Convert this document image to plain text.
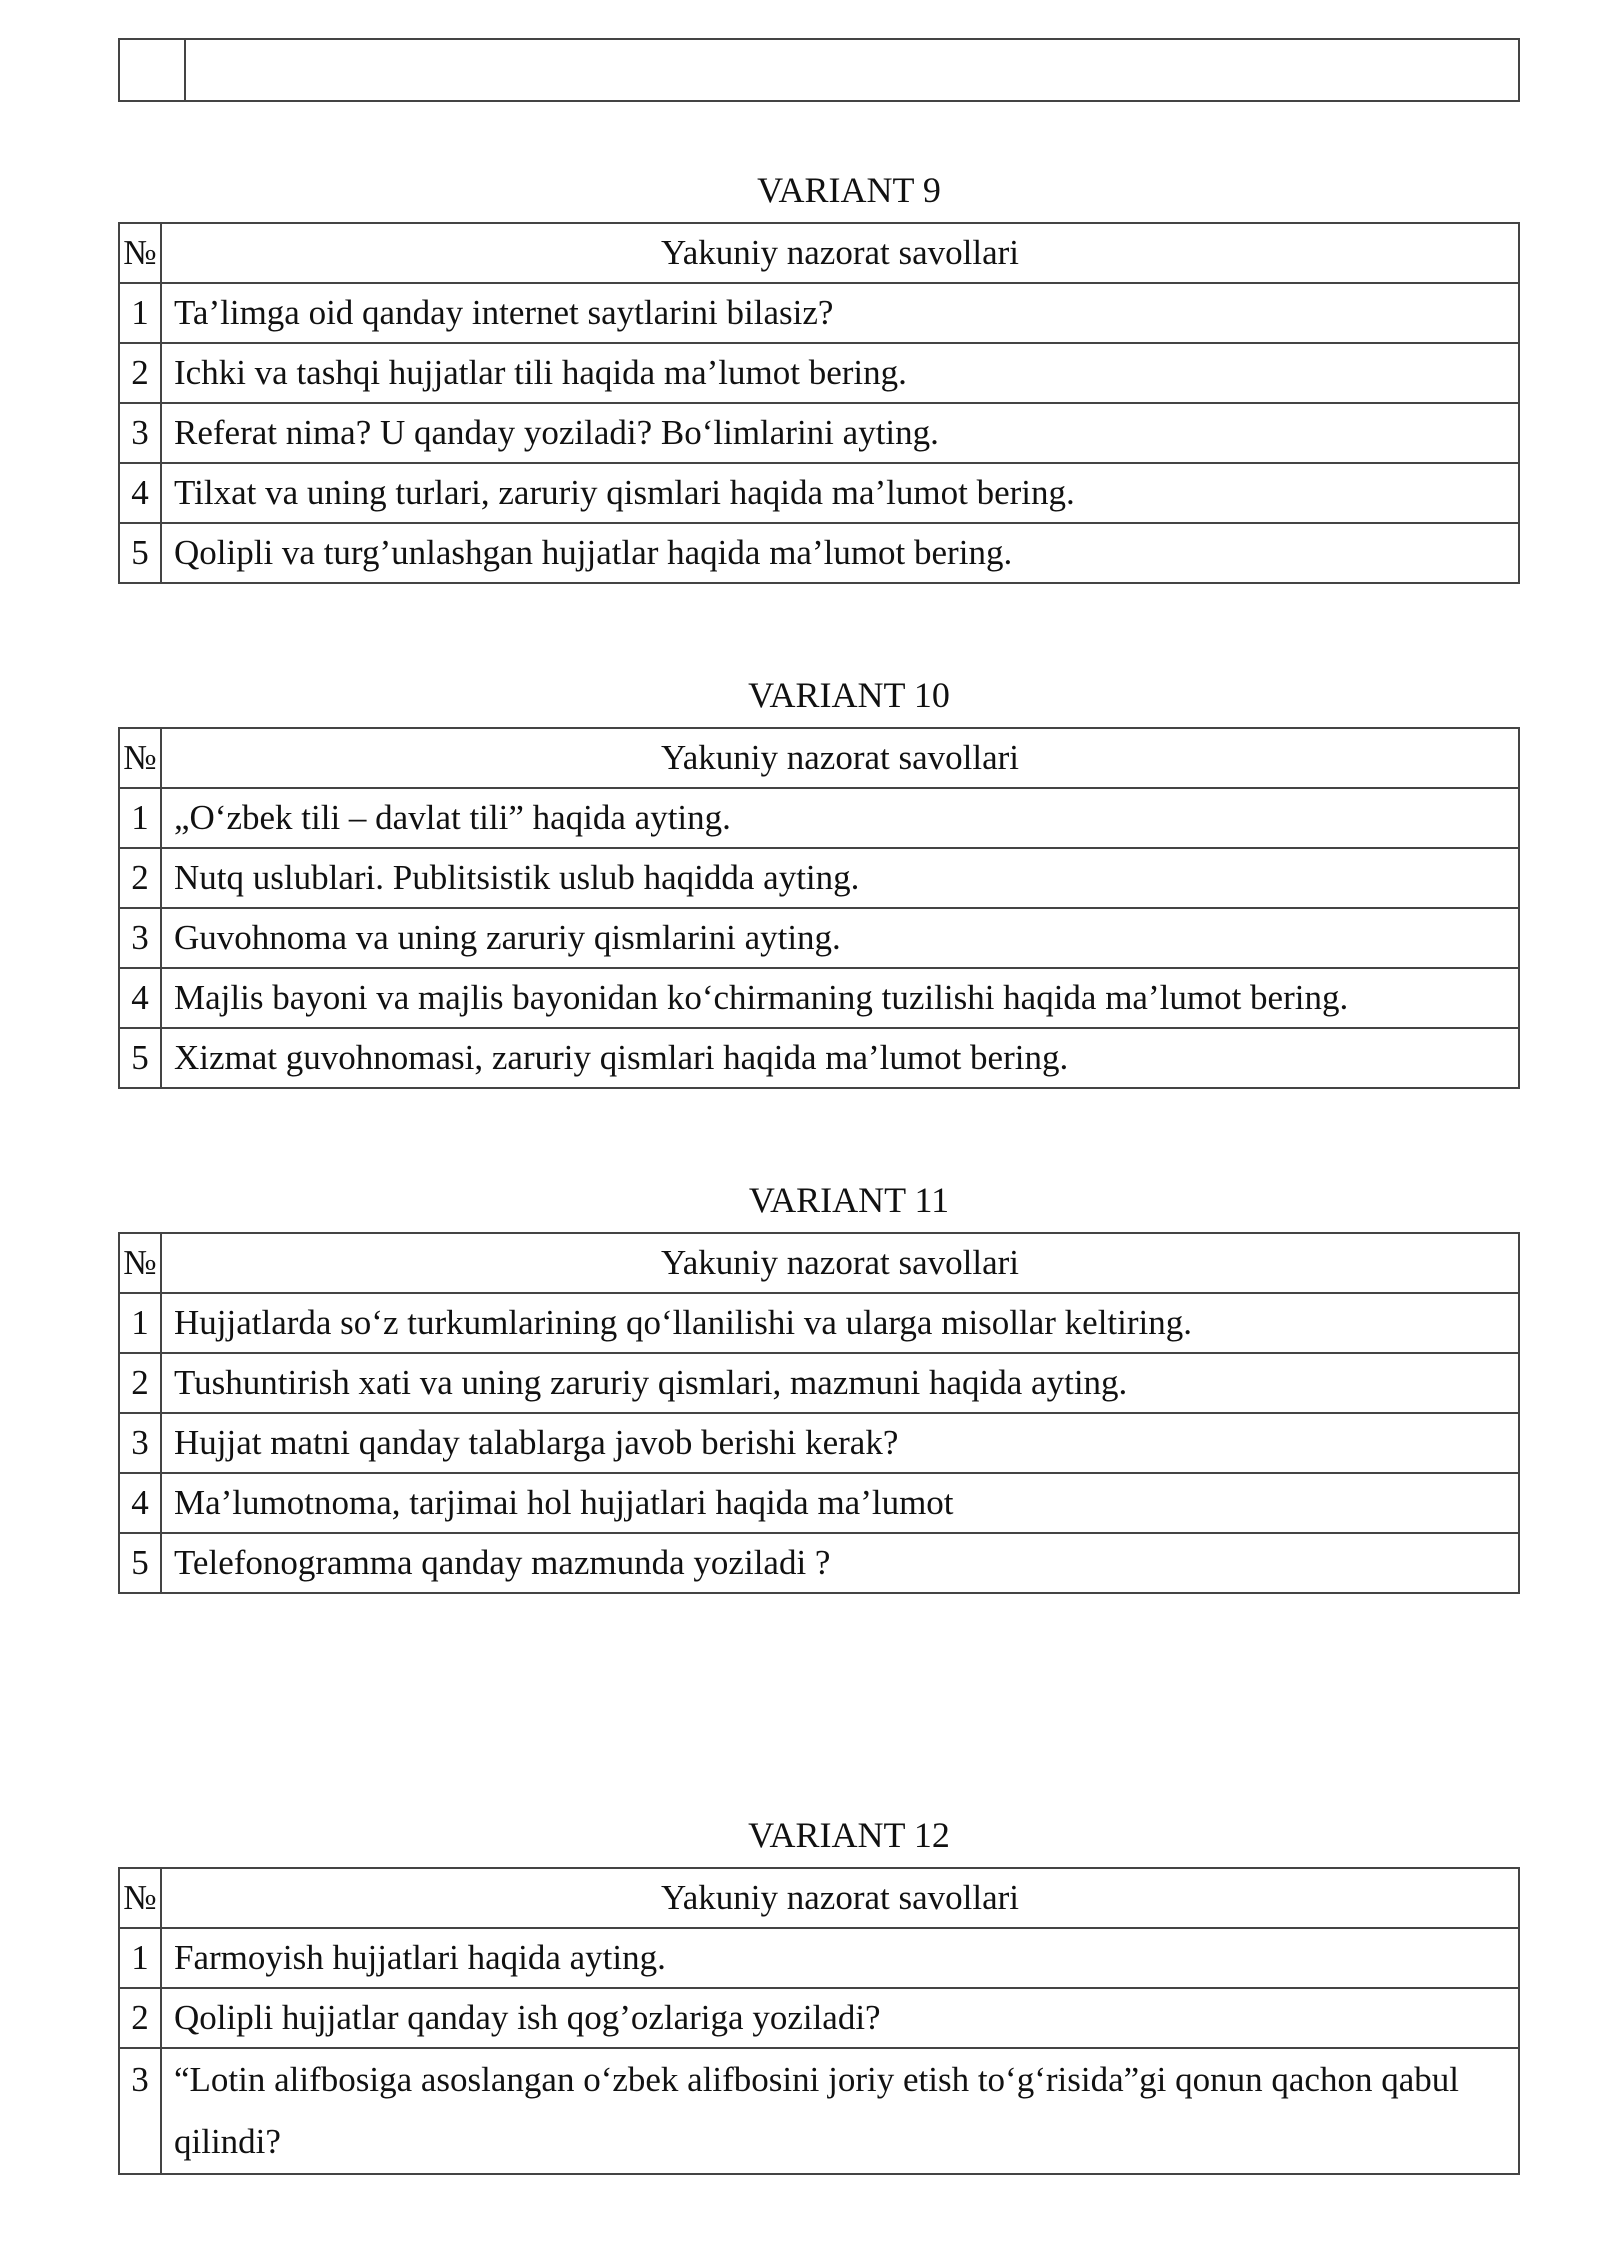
VARIANT 9
№	Yakuniy nazorat savollari
1	Ta’limga oid qanday internet saytlarini bilasiz?
2	Ichki va tashqi hujjatlar tili haqida ma’lumot bering.
3	Referat nima? U qanday yoziladi? Bo‘limlarini ayting.
4	Tilxat va uning turlari, zaruriy qismlari haqida ma’lumot bering.
5	Qolipli va turg’unlashgan hujjatlar haqida ma’lumot bering.
VARIANT 10
№	Yakuniy nazorat savollari
1	„O‘zbek tili – davlat tili” haqida ayting.
2	Nutq uslublari. Publitsistik uslub haqidda ayting.
3	Guvohnoma va uning zaruriy qismlarini ayting.
4	Majlis bayoni va majlis bayonidan ko‘chirmaning tuzilishi haqida ma’lumot bering.
5	Xizmat guvohnomasi, zaruriy qismlari haqida ma’lumot bering.
VARIANT 11
№	Yakuniy nazorat savollari
1	Hujjatlarda so‘z turkumlarining qo‘llanilishi va ularga misollar keltiring.
2	Tushuntirish xati va uning zaruriy qismlari, mazmuni haqida ayting.
3	Hujjat matni qanday talablarga javob berishi kerak?
4	Ma’lumotnoma, tarjimai hol hujjatlari haqida ma’lumot
5	Telefonogramma qanday mazmunda yoziladi ?
VARIANT 12
№	Yakuniy nazorat savollari
1	Farmoyish hujjatlari haqida ayting.
2	Qolipli hujjatlar qanday ish qog’ozlariga yoziladi?
3	“Lotin alifbosiga asoslangan o‘zbek alifbosini joriy etish to‘g‘risida”gi qonun qachon qabul qilindi?
